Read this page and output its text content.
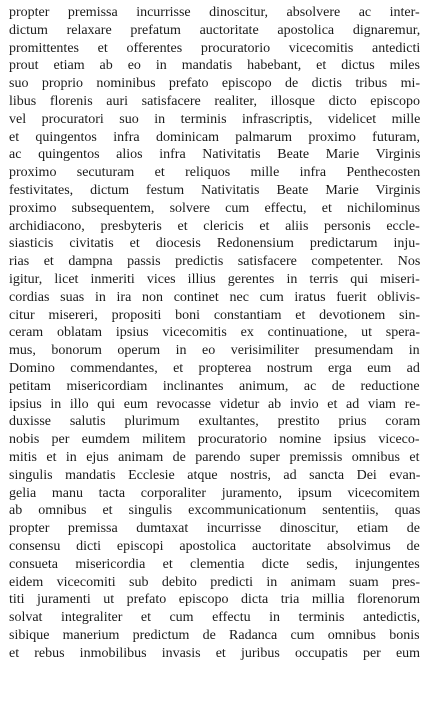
propter premissa incurrisse dinoscitur, absolvere ac inter-
dictum relaxare prefatum auctoritate apostolica dignaremur,
promittentes et offerentes procuratorio vicecomitis antedicti
prout etiam ab eo in mandatis habebant, et dictus miles
suo proprio nominibus prefato episcopo de dictis tribus mi-
libus florenis auri satisfacere realiter, illosque dicto episcopo
vel procuratori suo in terminis infrascriptis, videlicet mille
et quingentos infra dominicam palmarum proximo futuram,
ac quingentos alios infra Nativitatis Beate Marie Virginis
proximo secuturam et reliquos mille infra Penthecosten
festivitates, dictum festum Nativitatis Beate Marie Virginis
proximo subsequentem, solvere cum effectu, et nichilominus
archidiacono, presbyteris et clericis et aliis personis eccle-
siasticis civitatis et diocesis Redonensium predictarum inju-
rias et dampna passis predictis satisfacere competenter. Nos
igitur, licet inmeriti vices illius gerentes in terris qui miseri-
cordias suas in ira non continet nec cum iratus fuerit oblivis-
citur misereri, propositi boni constantiam et devotionem sin-
ceram oblatam ipsius vicecomitis ex continuatione, ut spera-
mus, bonorum operum in eo verisimiliter presumendam in
Domino commendantes, et propterea nostrum erga eum ad
petitam misericordiam inclinantes animum, ac de reductione
ipsius in illo qui eum revocasse videtur ab invio et ad viam re-
duxisse salutis plurimum exultantes, prestito prius coram
nobis per eumdem militem procuratorio nomine ipsius viceco-
mitis et in ejus animam de parendo super premissis omnibus et
singulis mandatis Ecclesie atque nostris, ad sancta Dei evan-
gelia manu tacta corporaliter juramento, ipsum vicecomitem
ab omnibus et singulis excommunicationum sententiis, quas
propter premissa dumtaxat incurrisse dinoscitur, etiam de
consensu dicti episcopi apostolica auctoritate absolvimus de
consueta misericordia et clementia dicte sedis, injungentes
eidem vicecomiti sub debito predicti in animam suam pres-
titi juramenti ut prefato episcopo dicta tria millia florenorum
solvat integraliter et cum effectu in terminis antedictis,
sibique manerium predictum de Radanca cum omnibus bonis
et rebus inmobilibus invasis et juribus occupatis per eum
